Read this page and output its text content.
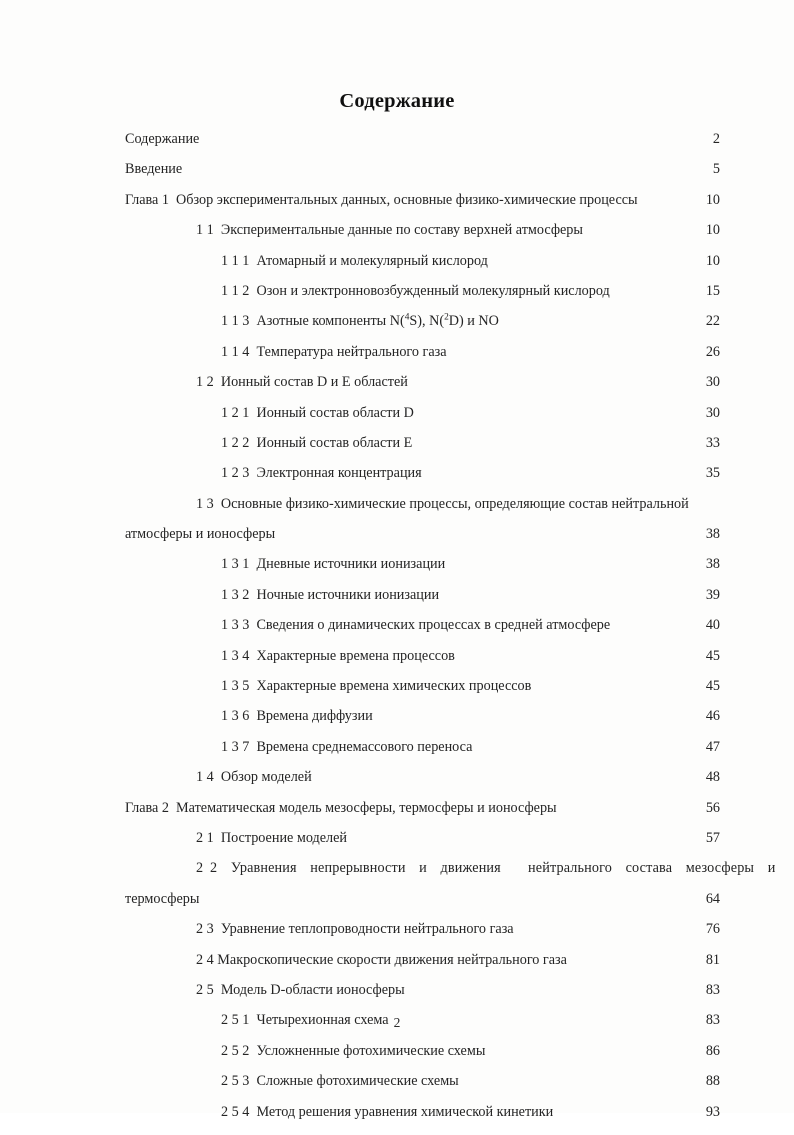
Содержание
Содержание	2
Введение	5
Глава 1  Обзор экспериментальных данных, основные физико-химические процессы	10
1 1  Экспериментальные данные по составу верхней атмосферы	10
1 1 1  Атомарный и молекулярный кислород	10
1 1 2  Озон и электронновозбужденный молекулярный кислород	15
1 1 3  Азотные компоненты N($^4$S), N($^2$D) и NO	22
1 1 4  Температура нейтрального газа	26
1 2  Ионный состав D и Е областей	30
1 2 1  Ионный состав области D	30
1 2 2  Ионный состав области Е	33
1 2 3  Электронная концентрация	35
1 3  Основные физико-химические процессы, определяющие состав нейтральной
атмосферы и ионосферы	38
1 3 1  Дневные источники ионизации	38
1 3 2  Ночные источники ионизации	39
1 3 3  Сведения о динамических процессах в средней атмосфере	40
1 3 4  Характерные времена процессов	45
1 3 5  Характерные времена химических процессов	45
1 3 6  Времена диффузии	46
1 3 7  Времена среднемассового переноса	47
1 4  Обзор моделей	48
Глава 2  Математическая модель мезосферы, термосферы и ионосферы	56
2 1  Построение моделей	57
2 2  Уравнения  непрерывности  и  движения    нейтрального  состава  мезосферы  и
термосферы	64
2 3  Уравнение теплопроводности нейтрального газа	76
2 4 Макроскопические скорости движения нейтрального газа	81
2 5  Модель D-области ионосферы	83
2 5 1  Четырехионная схема	83
2 5 2  Усложненные фотохимические схемы	86
2 5 3  Сложные фотохимические схемы	88
2 5 4  Метод решения уравнения химической кинетики	93
2
